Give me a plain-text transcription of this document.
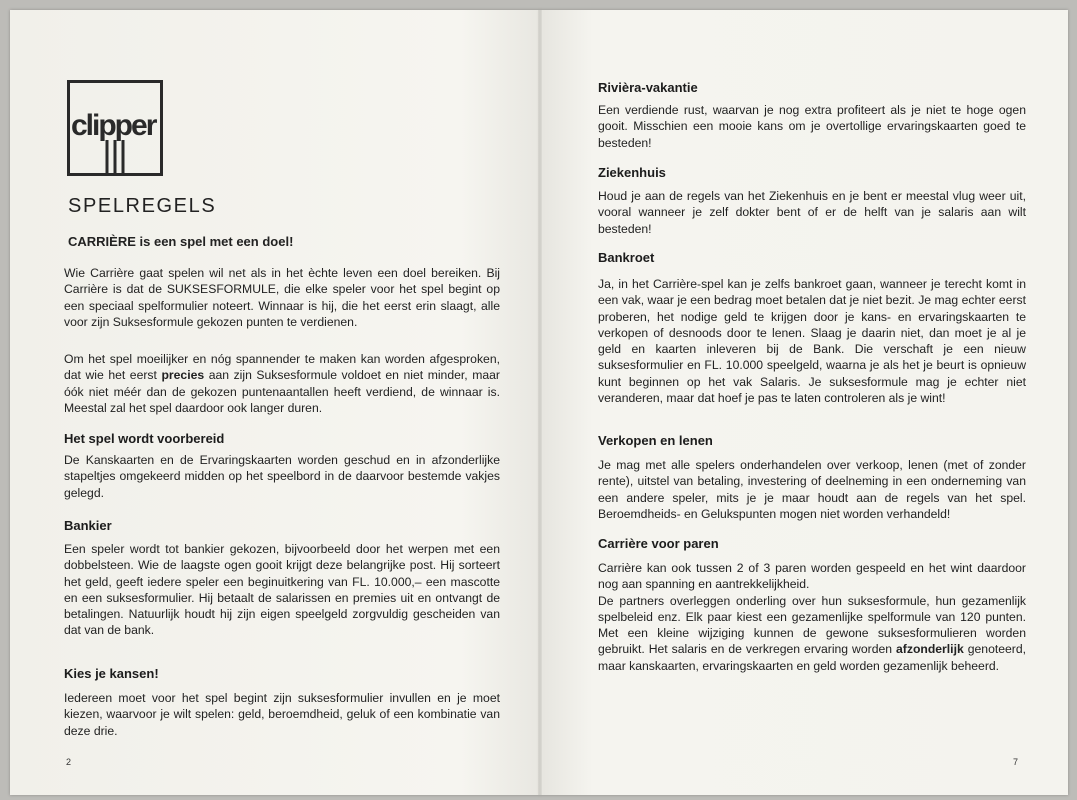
clipper
SPELREGELS
CARRIÈRE is een spel met een doel!

Wie Carrière gaat spelen wil net als in het èchte leven een doel bereiken. Bij Carrière is dat de SUKSESFORMULE, die elke speler voor het spel begint op een speciaal spelformulier noteert. Winnaar is hij, die het eerst erin slaagt, alle voor zijn Suksesformule gekozen punten te verdienen.

Om het spel moeilijker en nóg spannender te maken kan worden afgesproken, dat wie het eerst precies aan zijn Suksesformule voldoet en niet minder, maar óók niet méér dan de gekozen puntenaantallen heeft verdiend, de winnaar is. Meestal zal het spel daardoor ook langer duren.

Het spel wordt voorbereid

De Kanskaarten en de Ervaringskaarten worden geschud en in afzonderlijke stapeltjes omgekeerd midden op het speelbord in de daarvoor bestemde vakjes gelegd.

Bankier

Een speler wordt tot bankier gekozen, bijvoorbeeld door het werpen met een dobbelsteen. Wie de laagste ogen gooit krijgt deze belangrijke post. Hij sorteert het geld, geeft iedere speler een beginuitkering van FL. 10.000,– een mascotte en een suksesformulier. Hij betaalt de salarissen en premies uit en ontvangt de betalingen. Natuurlijk houdt hij zijn eigen speelgeld zorgvuldig gescheiden van dat van de bank.

Kies je kansen!

Iedereen moet voor het spel begint zijn suksesformulier invullen en je moet kiezen, waarvoor je wilt spelen: geld, beroemdheid, geluk of een kombinatie van deze drie.

2
Rivièra-vakantie

Een verdiende rust, waarvan je nog extra profiteert als je niet te hoge ogen gooit. Misschien een mooie kans om je overtollige ervaringskaarten goed te besteden!

Ziekenhuis

Houd je aan de regels van het Ziekenhuis en je bent er meestal vlug weer uit, vooral wanneer je zelf dokter bent of er de helft van je salaris aan wilt besteden!

Bankroet

Ja, in het Carrière-spel kan je zelfs bankroet gaan, wanneer je terecht komt in een vak, waar je een bedrag moet betalen dat je niet bezit. Je mag echter eerst proberen, het nodige geld te krijgen door je kans- en ervaringskaarten te verkopen of desnoods door te lenen. Slaag je daarin niet, dan moet je al je geld en kaarten inleveren bij de Bank. Die verschaft je een nieuw suksesformulier en FL. 10.000 speelgeld, waarna je als het je beurt is opnieuw kunt beginnen op het vak Salaris. Je suksesformule mag je echter niet veranderen, maar dat hoef je pas te laten controleren als je wint!

Verkopen en lenen

Je mag met alle spelers onderhandelen over verkoop, lenen (met of zonder rente), uitstel van betaling, investering of deelneming in een onderneming van een andere speler, mits je je maar houdt aan de regels van het spel. Beroemdheids- en Gelukspunten mogen niet worden verhandeld!

Carrière voor paren

Carrière kan ook tussen 2 of 3 paren worden gespeeld en het wint daardoor nog aan spanning en aantrekkelijkheid.

De partners overleggen onderling over hun suksesformule, hun gezamenlijk spelbeleid enz. Elk paar kiest een gezamenlijke spelformule van 120 punten. Met een kleine wijziging kunnen de gewone suksesformulieren worden gebruikt. Het salaris en de verkregen ervaring worden afzonderlijk genoteerd, maar kanskaarten, ervaringskaarten en geld worden gezamenlijk beheerd.

7
